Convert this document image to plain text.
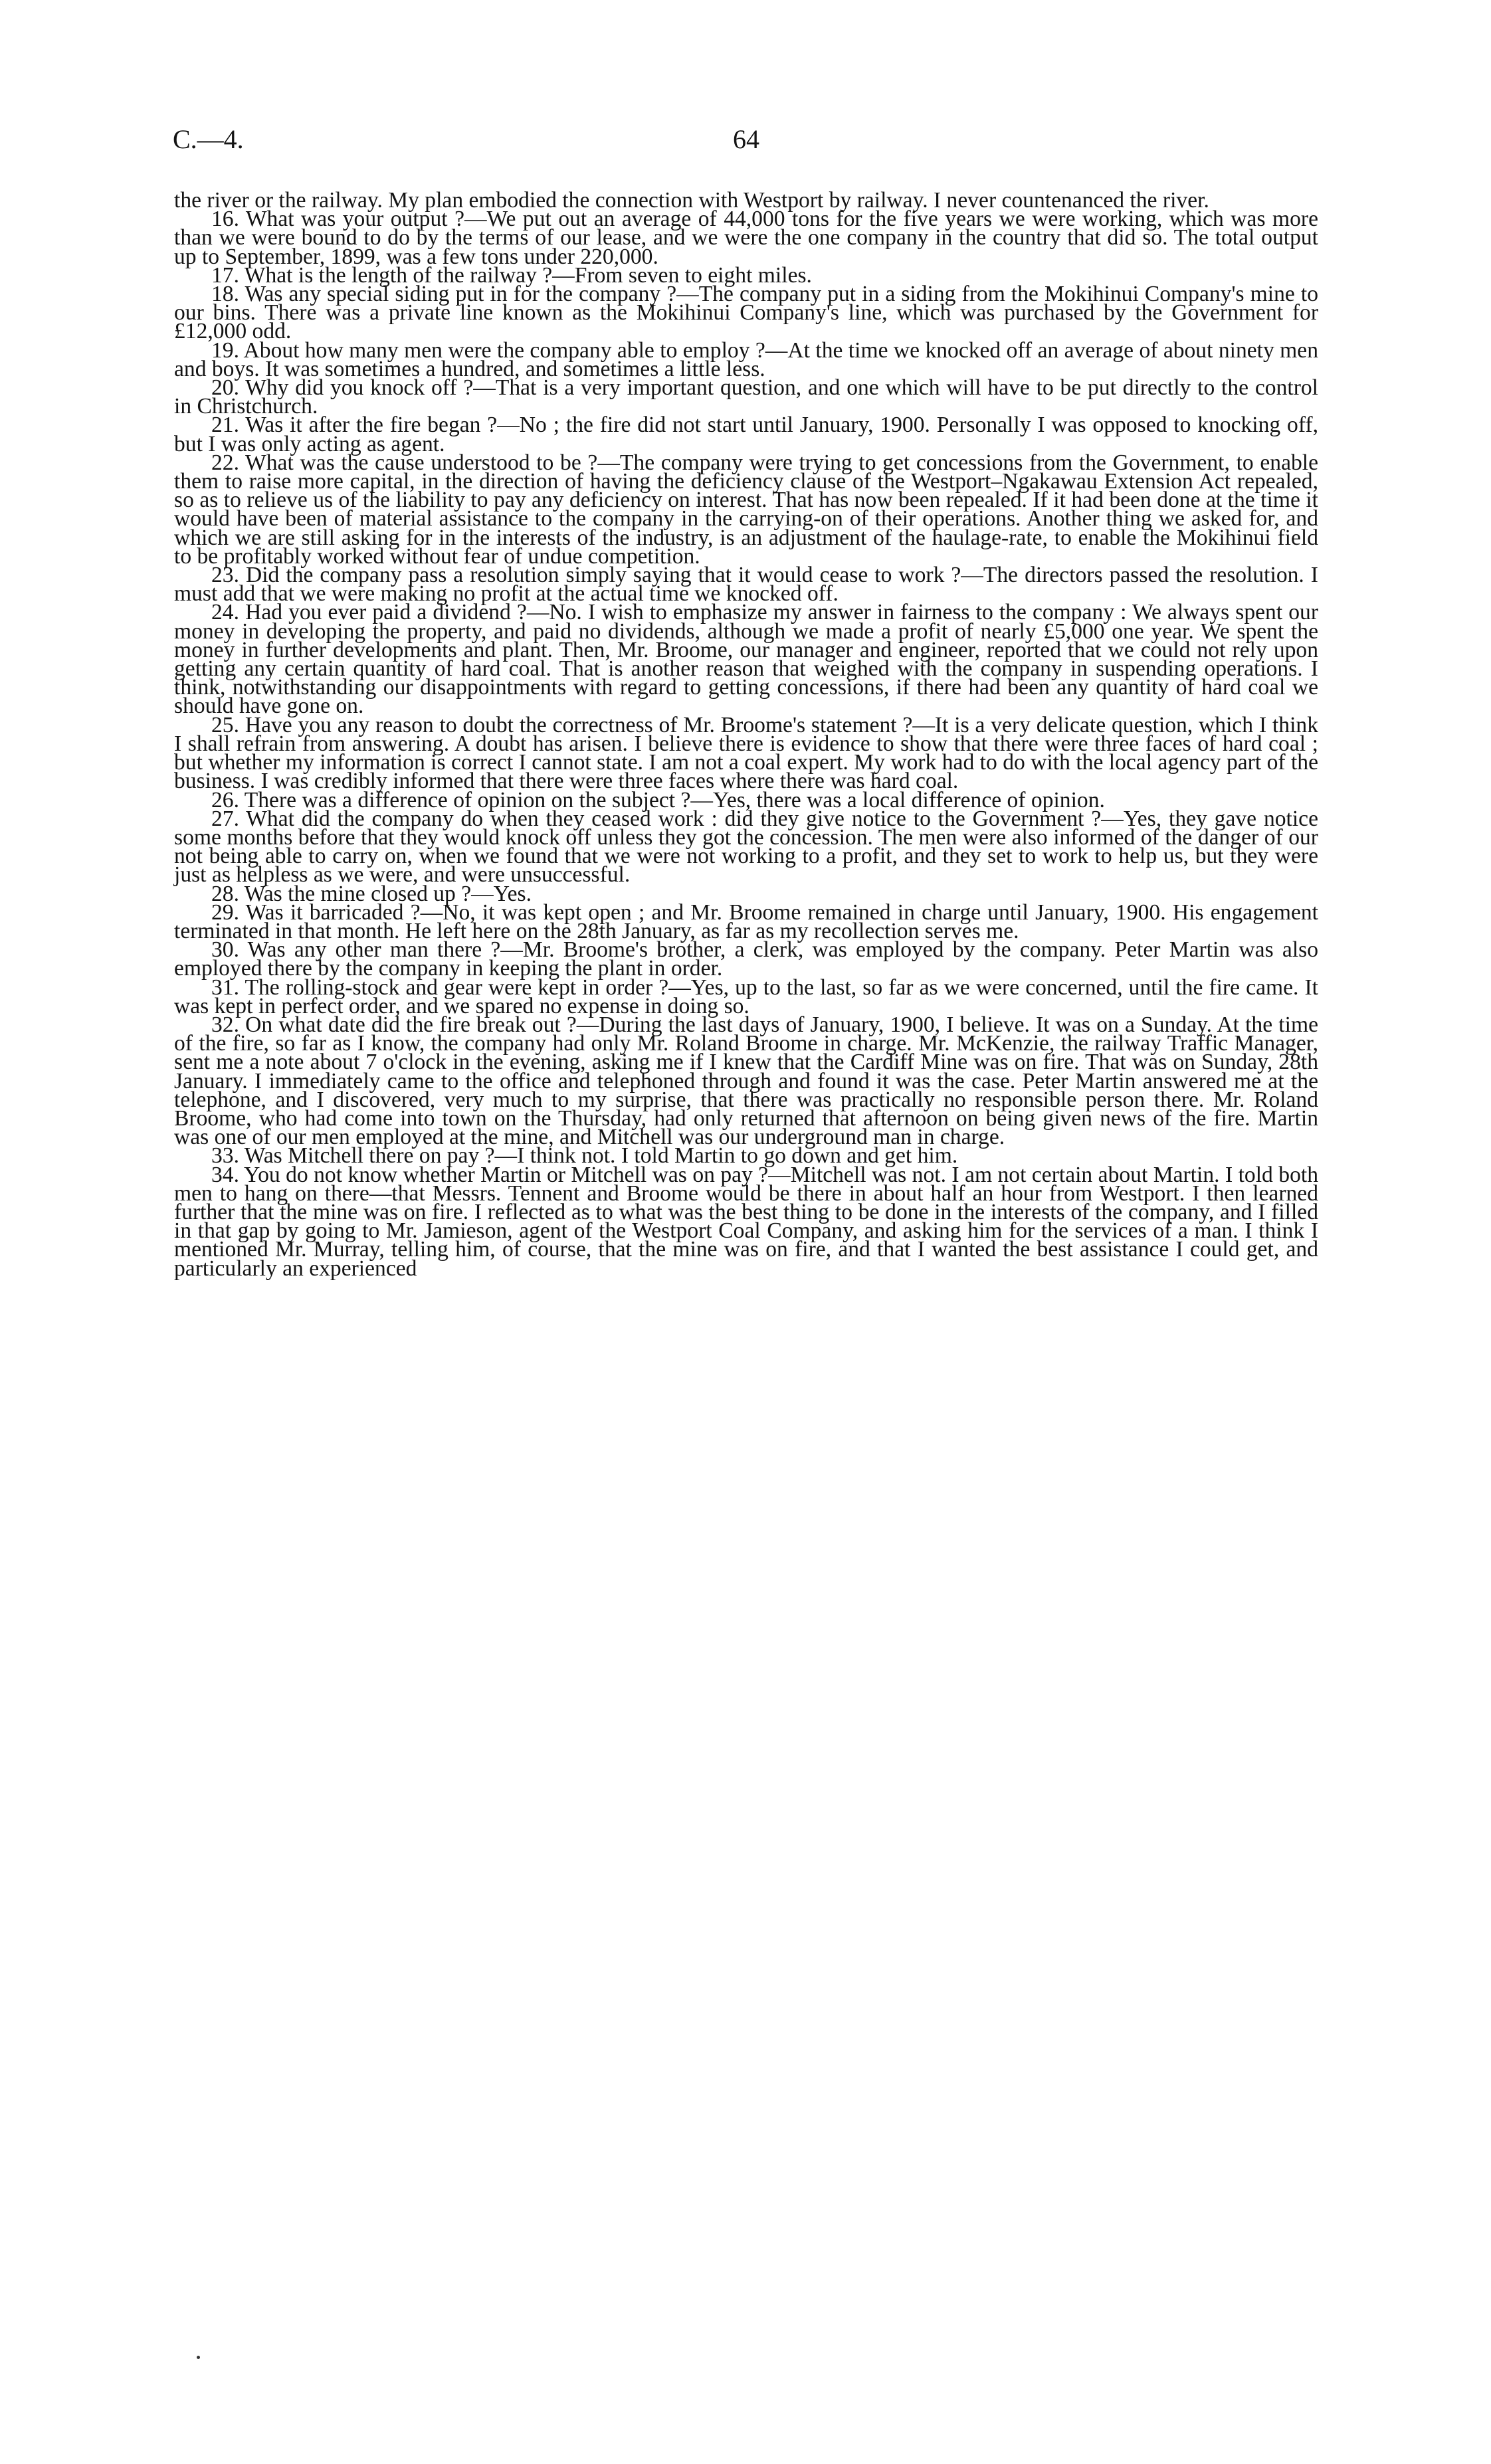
C.—4.	64

the river or the railway. My plan embodied the connection with Westport by railway. I never countenanced the river.

16. What was your output ?—We put out an average of 44,000 tons for the five years we were working, which was more than we were bound to do by the terms of our lease, and we were the one company in the country that did so. The total output up to September, 1899, was a few tons under 220,000.

17. What is the length of the railway ?—From seven to eight miles.

18. Was any special siding put in for the company ?—The company put in a siding from the Mokihinui Company's mine to our bins. There was a private line known as the Mokihinui Company's line, which was purchased by the Government for £12,000 odd.

19. About how many men were the company able to employ ?—At the time we knocked off an average of about ninety men and boys. It was sometimes a hundred, and sometimes a little less.

20. Why did you knock off ?—That is a very important question, and one which will have to be put directly to the control in Christchurch.

21. Was it after the fire began ?—No ; the fire did not start until January, 1900. Personally I was opposed to knocking off, but I was only acting as agent.

22. What was the cause understood to be ?—The company were trying to get concessions from the Government, to enable them to raise more capital, in the direction of having the deficiency clause of the Westport–Ngakawau Extension Act repealed, so as to relieve us of the liability to pay any deficiency on interest. That has now been repealed. If it had been done at the time it would have been of material assistance to the company in the carrying-on of their operations. Another thing we asked for, and which we are still asking for in the interests of the industry, is an adjustment of the haulage-rate, to enable the Mokihinui field to be profitably worked without fear of undue competition.

23. Did the company pass a resolution simply saying that it would cease to work ?—The directors passed the resolution. I must add that we were making no profit at the actual time we knocked off.

24. Had you ever paid a dividend ?—No. I wish to emphasize my answer in fairness to the company : We always spent our money in developing the property, and paid no dividends, although we made a profit of nearly £5,000 one year. We spent the money in further developments and plant. Then, Mr. Broome, our manager and engineer, reported that we could not rely upon getting any certain quantity of hard coal. That is another reason that weighed with the company in suspending operations. I think, notwithstanding our disappointments with regard to getting concessions, if there had been any quantity of hard coal we should have gone on.

25. Have you any reason to doubt the correctness of Mr. Broome's statement ?—It is a very delicate question, which I think I shall refrain from answering. A doubt has arisen. I believe there is evidence to show that there were three faces of hard coal ; but whether my information is correct I cannot state. I am not a coal expert. My work had to do with the local agency part of the business. I was credibly informed that there were three faces where there was hard coal.

26. There was a difference of opinion on the subject ?—Yes, there was a local difference of opinion.

27. What did the company do when they ceased work : did they give notice to the Government ?—Yes, they gave notice some months before that they would knock off unless they got the concession. The men were also informed of the danger of our not being able to carry on, when we found that we were not working to a profit, and they set to work to help us, but they were just as helpless as we were, and were unsuccessful.

28. Was the mine closed up ?—Yes.

29. Was it barricaded ?—No, it was kept open ; and Mr. Broome remained in charge until January, 1900. His engagement terminated in that month. He left here on the 28th January, as far as my recollection serves me.

30. Was any other man there ?—Mr. Broome's brother, a clerk, was employed by the company. Peter Martin was also employed there by the company in keeping the plant in order.

31. The rolling-stock and gear were kept in order ?—Yes, up to the last, so far as we were concerned, until the fire came. It was kept in perfect order, and we spared no expense in doing so.

32. On what date did the fire break out ?—During the last days of January, 1900, I believe. It was on a Sunday. At the time of the fire, so far as I know, the company had only Mr. Roland Broome in charge. Mr. McKenzie, the railway Traffic Manager, sent me a note about 7 o'clock in the evening, asking me if I knew that the Cardiff Mine was on fire. That was on Sunday, 28th January. I immediately came to the office and telephoned through and found it was the case. Peter Martin answered me at the telephone, and I discovered, very much to my surprise, that there was practically no responsible person there. Mr. Roland Broome, who had come into town on the Thursday, had only returned that afternoon on being given news of the fire. Martin was one of our men employed at the mine, and Mitchell was our underground man in charge.

33. Was Mitchell there on pay ?—I think not. I told Martin to go down and get him.

34. You do not know whether Martin or Mitchell was on pay ?—Mitchell was not. I am not certain about Martin. I told both men to hang on there—that Messrs. Tennent and Broome would be there in about half an hour from Westport. I then learned further that the mine was on fire. I reflected as to what was the best thing to be done in the interests of the company, and I filled in that gap by going to Mr. Jamieson, agent of the Westport Coal Company, and asking him for the services of a man. I think I mentioned Mr. Murray, telling him, of course, that the mine was on fire, and that I wanted the best assistance I could get, and particularly an experienced
